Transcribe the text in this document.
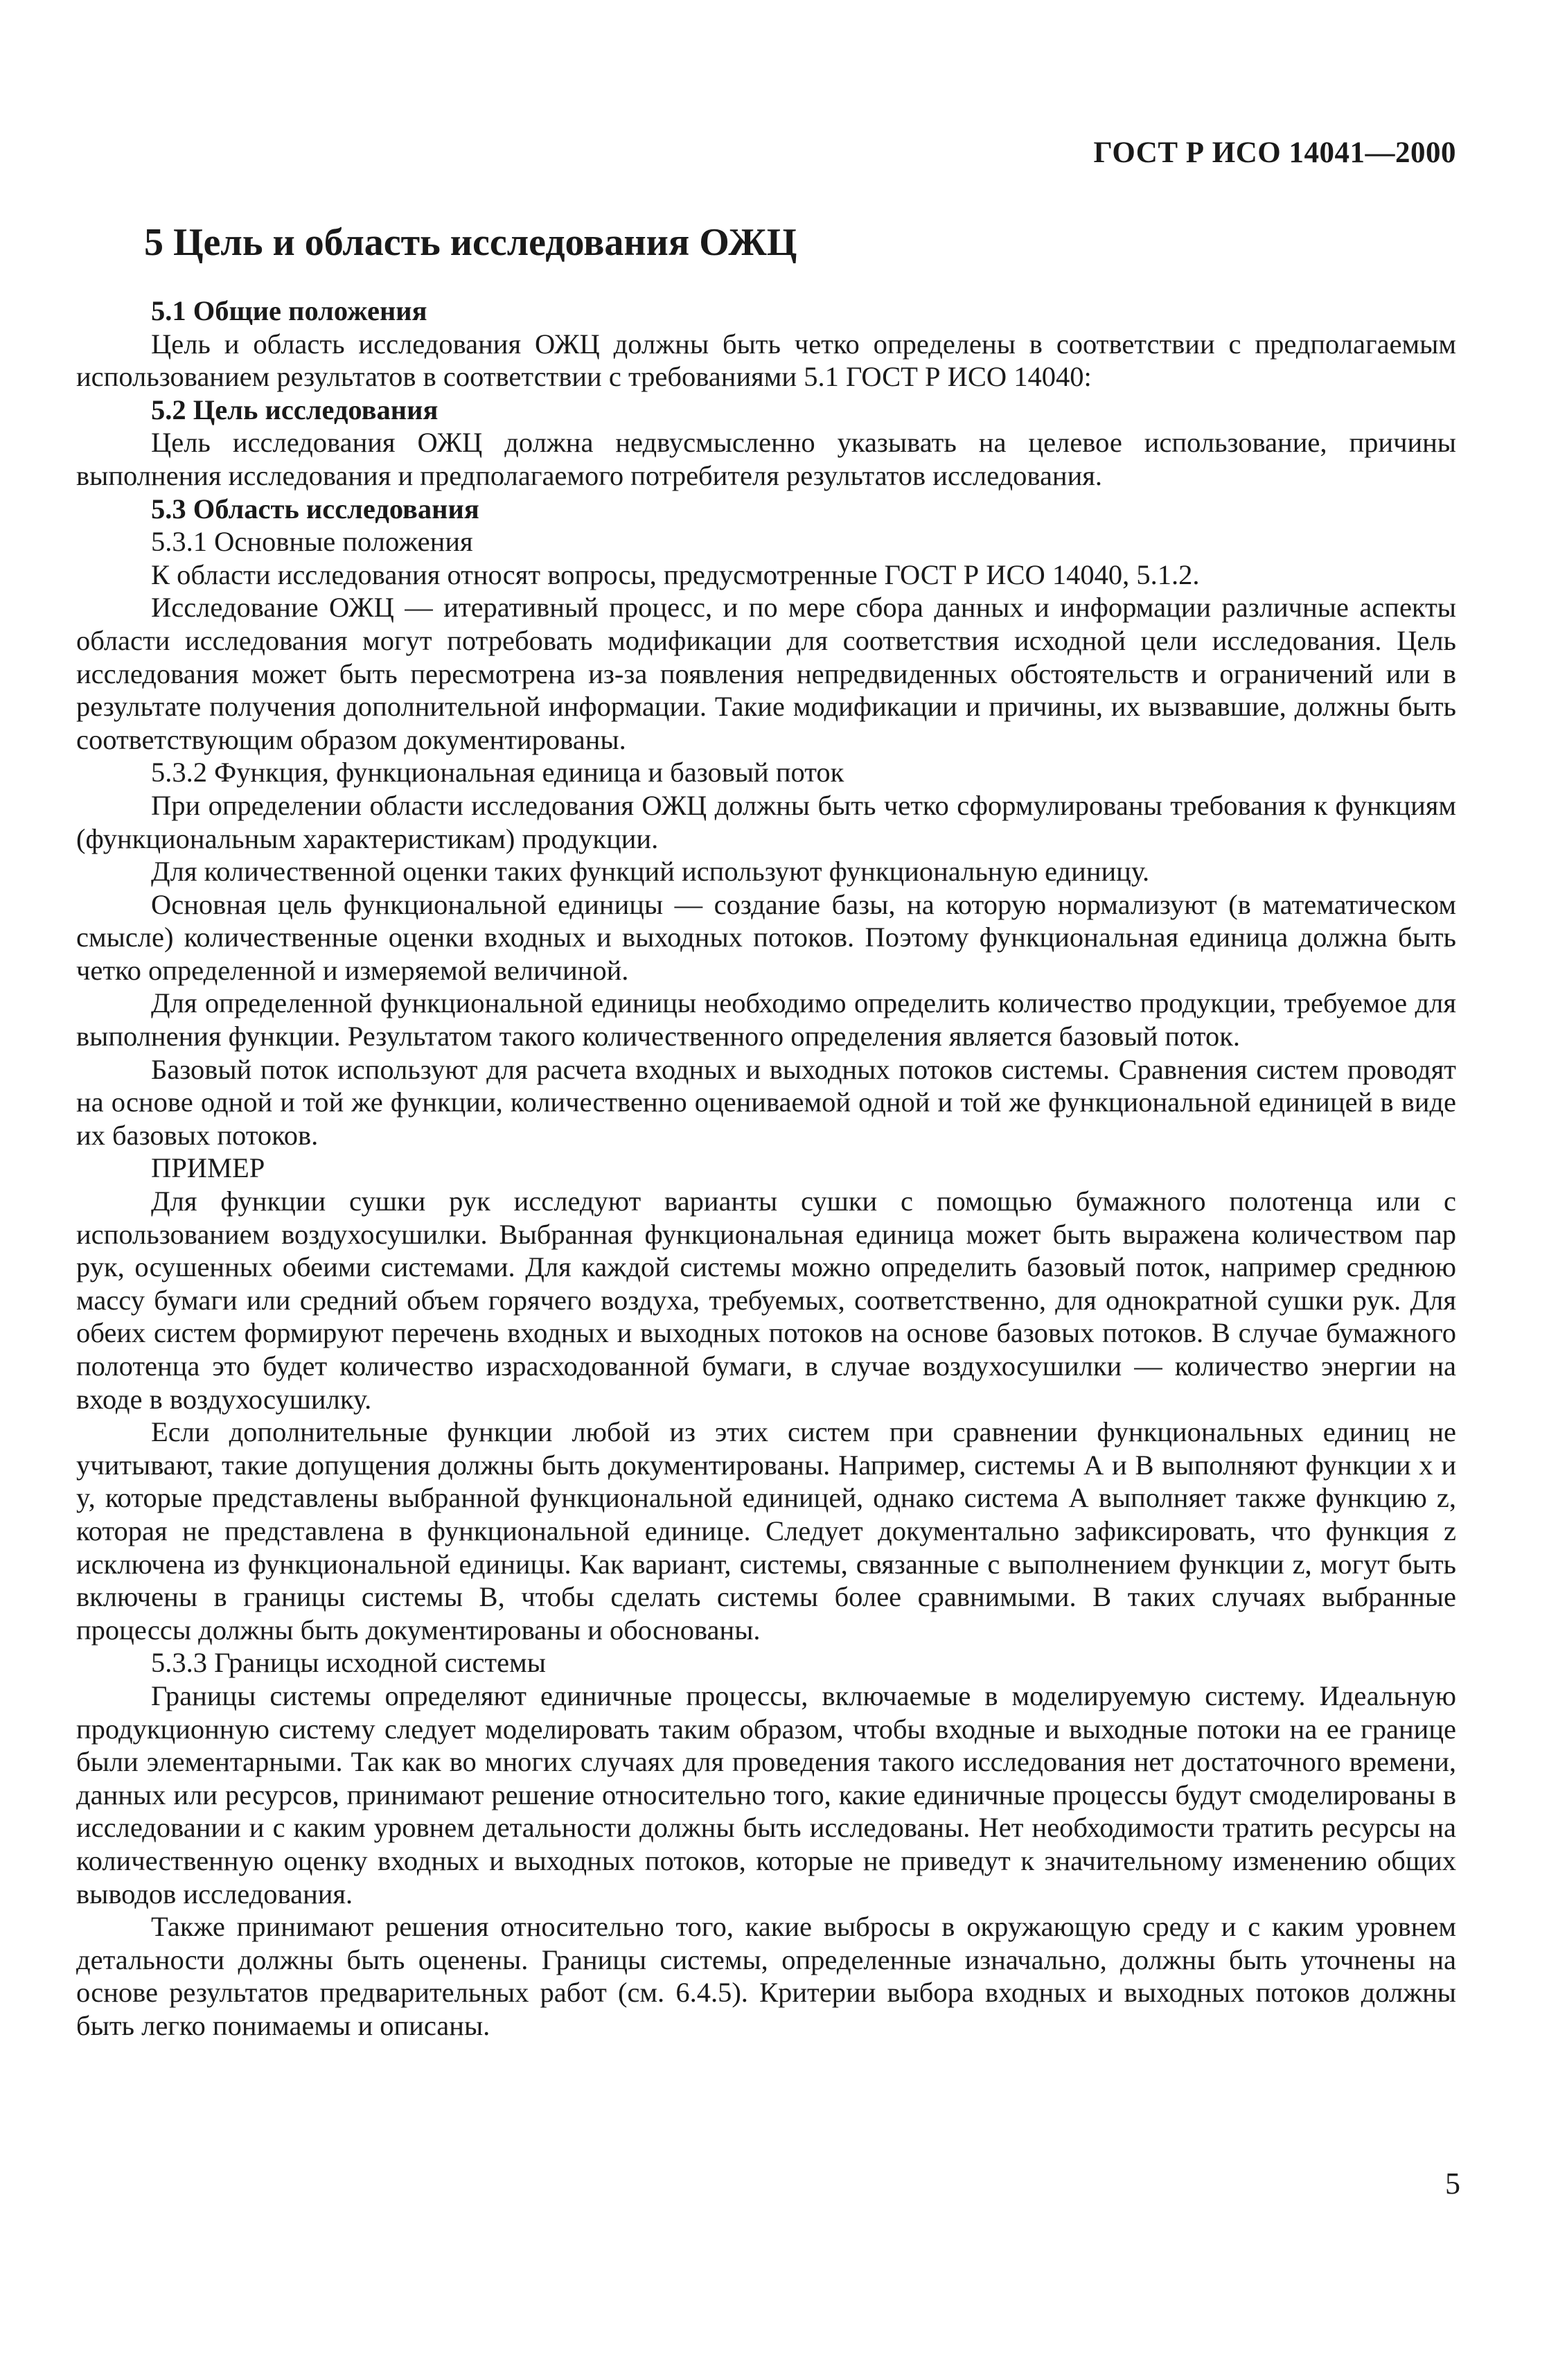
ГОСТ Р ИСО 14041—2000
5 Цель и область исследования ОЖЦ

5.1 Общие положения

Цель и область исследования ОЖЦ должны быть четко определены в соответствии с предполагаемым использованием результатов в соответствии с требованиями 5.1 ГОСТ Р ИСО 14040:

5.2 Цель исследования

Цель исследования ОЖЦ должна недвусмысленно указывать на целевое использование, причины выполнения исследования и предполагаемого потребителя результатов исследования.

5.3 Область исследования

5.3.1 Основные положения

К области исследования относят вопросы, предусмотренные ГОСТ Р ИСО 14040, 5.1.2.

Исследование ОЖЦ — итеративный процесс, и по мере сбора данных и информации различные аспекты области исследования могут потребовать модификации для соответствия исходной цели исследования. Цель исследования может быть пересмотрена из-за появления непредвиденных обстоятельств и ограничений или в результате получения дополнительной информации. Такие модификации и причины, их вызвавшие, должны быть соответствующим образом документированы.

5.3.2 Функция, функциональная единица и базовый поток

При определении области исследования ОЖЦ должны быть четко сформулированы требования к функциям (функциональным характеристикам) продукции.

Для количественной оценки таких функций используют функциональную единицу.

Основная цель функциональной единицы — создание базы, на которую нормализуют (в математическом смысле) количественные оценки входных и выходных потоков. Поэтому функциональная единица должна быть четко определенной и измеряемой величиной.

Для определенной функциональной единицы необходимо определить количество продукции, требуемое для выполнения функции. Результатом такого количественного определения является базовый поток.

Базовый поток используют для расчета входных и выходных потоков системы. Сравнения систем проводят на основе одной и той же функции, количественно оцениваемой одной и той же функциональной единицей в виде их базовых потоков.

ПРИМЕР

Для функции сушки рук исследуют варианты сушки с помощью бумажного полотенца или с использованием воздухосушилки. Выбранная функциональная единица может быть выражена количеством пар рук, осушенных обеими системами. Для каждой системы можно определить базовый поток, например среднюю массу бумаги или средний объем горячего воздуха, требуемых, соответственно, для однократной сушки рук. Для обеих систем формируют перечень входных и выходных потоков на основе базовых потоков. В случае бумажного полотенца это будет количество израсходованной бумаги, в случае воздухосушилки — количество энергии на входе в воздухосушилку.

Если дополнительные функции любой из этих систем при сравнении функциональных единиц не учитывают, такие допущения должны быть документированы. Например, системы А и В выполняют функции x и y, которые представлены выбранной функциональной единицей, однако система А выполняет также функцию z, которая не представлена в функциональной единице. Следует документально зафиксировать, что функция z исключена из функциональной единицы. Как вариант, системы, связанные с выполнением функции z, могут быть включены в границы системы В, чтобы сделать системы более сравнимыми. В таких случаях выбранные процессы должны быть документированы и обоснованы.

5.3.3 Границы исходной системы

Границы системы определяют единичные процессы, включаемые в моделируемую систему. Идеальную продукционную систему следует моделировать таким образом, чтобы входные и выходные потоки на ее границе были элементарными. Так как во многих случаях для проведения такого исследования нет достаточного времени, данных или ресурсов, принимают решение относительно того, какие единичные процессы будут смоделированы в исследовании и с каким уровнем детальности должны быть исследованы. Нет необходимости тратить ресурсы на количественную оценку входных и выходных потоков, которые не приведут к значительному изменению общих выводов исследования.

Также принимают решения относительно того, какие выбросы в окружающую среду и с каким уровнем детальности должны быть оценены. Границы системы, определенные изначально, должны быть уточнены на основе результатов предварительных работ (см. 6.4.5). Критерии выбора входных и выходных потоков должны быть легко понимаемы и описаны.

5
